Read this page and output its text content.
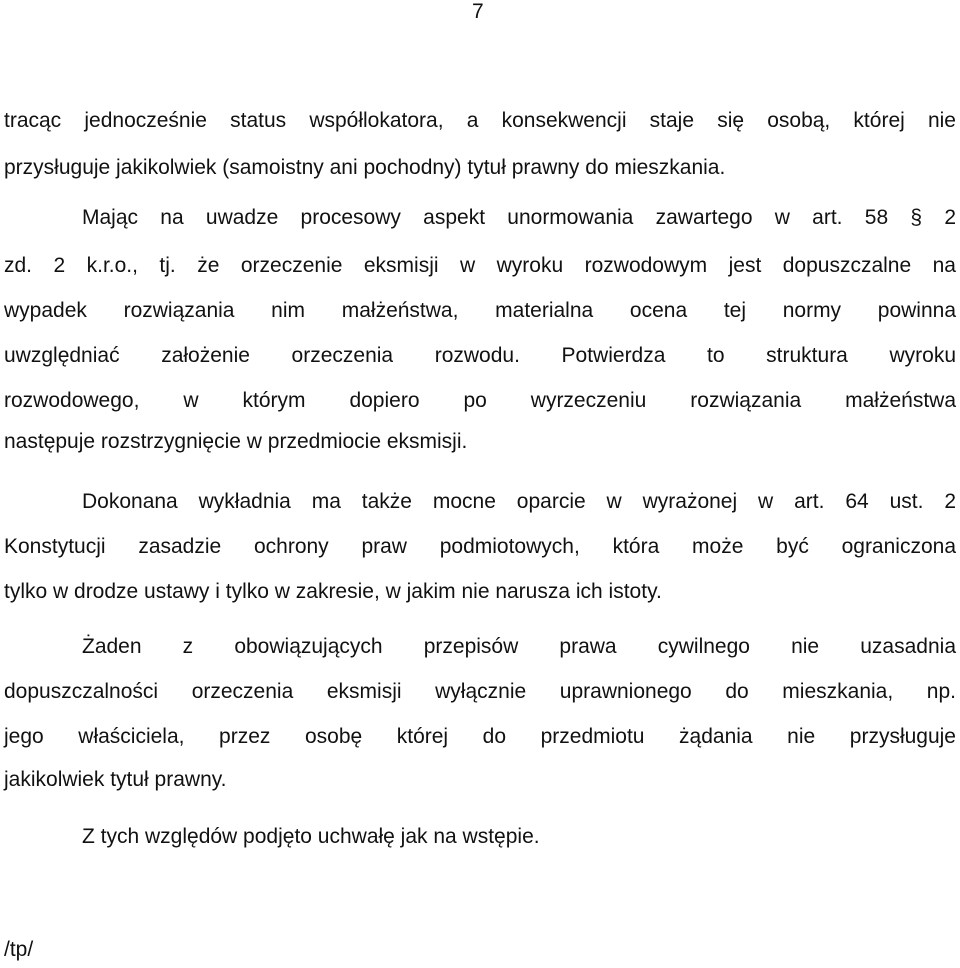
7
tracąc jednocześnie status współlokatora, a konsekwencji staje się osobą, której nie
przysługuje jakikolwiek (samoistny ani pochodny) tytuł prawny do mieszkania.
Mając na uwadze procesowy aspekt unormowania zawartego w art. 58 § 2
zd. 2 k.r.o., tj. że orzeczenie eksmisji w wyroku rozwodowym jest dopuszczalne na
wypadek rozwiązania nim małżeństwa, materialna ocena tej normy powinna
uwzględniać założenie orzeczenia rozwodu. Potwierdza to struktura wyroku
rozwodowego, w którym dopiero po wyrzeczeniu rozwiązania małżeństwa
następuje rozstrzygnięcie w przedmiocie eksmisji.
Dokonana wykładnia ma także mocne oparcie w wyrażonej w art. 64 ust. 2
Konstytucji zasadzie ochrony praw podmiotowych, która może być ograniczona
tylko w drodze ustawy i tylko w zakresie, w jakim nie narusza ich istoty.
Żaden z obowiązujących przepisów prawa cywilnego nie uzasadnia
dopuszczalności orzeczenia eksmisji wyłącznie uprawnionego do mieszkania, np.
jego właściciela, przez osobę której do przedmiotu żądania nie przysługuje
jakikolwiek tytuł prawny.
Z tych względów podjęto uchwałę jak na wstępie.
/tp/
